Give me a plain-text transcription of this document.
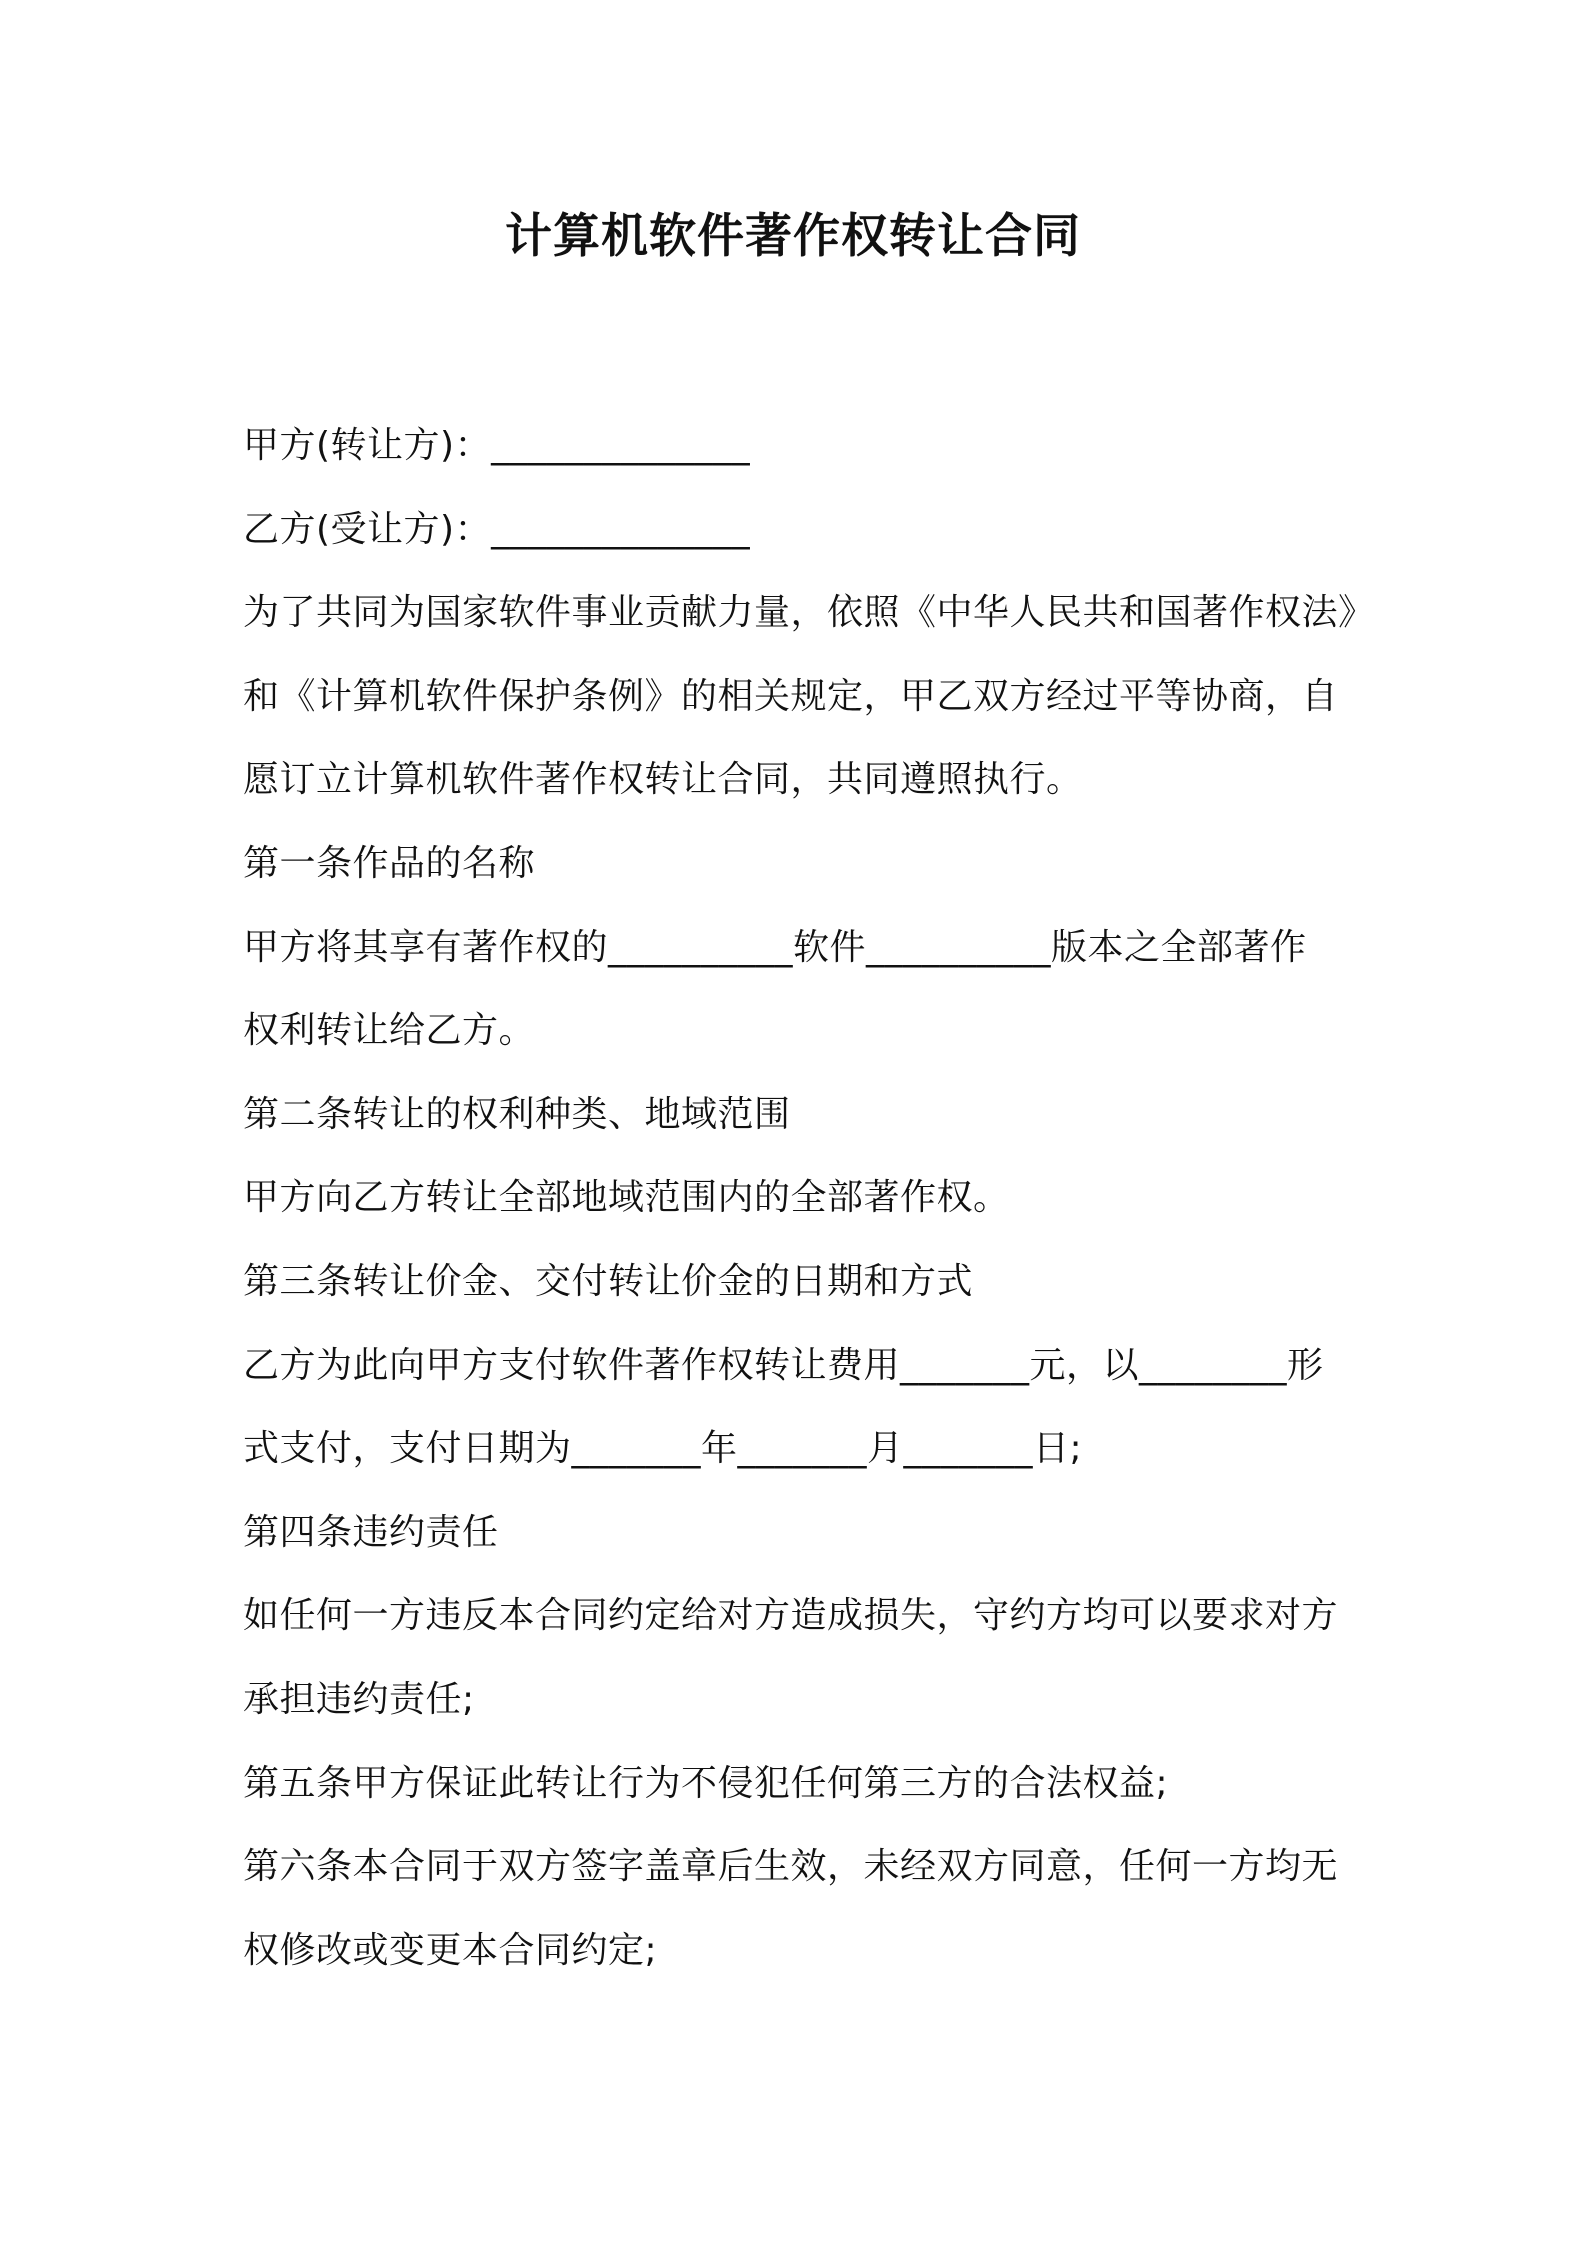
计算机软件著作权转让合同
甲方(转让方)：______________
乙方(受让方)：______________
为了共同为国家软件事业贡献力量，依照《中华人民共和国著作权法》
和《计算机软件保护条例》的相关规定，甲乙双方经过平等协商，自
愿订立计算机软件著作权转让合同，共同遵照执行。
第一条作品的名称
甲方将其享有著作权的__________软件__________版本之全部著作
权利转让给乙方。
第二条转让的权利种类、地域范围
甲方向乙方转让全部地域范围内的全部著作权。
第三条转让价金、交付转让价金的日期和方式
乙方为此向甲方支付软件著作权转让费用_______元，以________形
式支付，支付日期为_______年_______月_______日;
第四条违约责任
如任何一方违反本合同约定给对方造成损失，守约方均可以要求对方
承担违约责任;
第五条甲方保证此转让行为不侵犯任何第三方的合法权益;
第六条本合同于双方签字盖章后生效，未经双方同意，任何一方均无
权修改或变更本合同约定;
